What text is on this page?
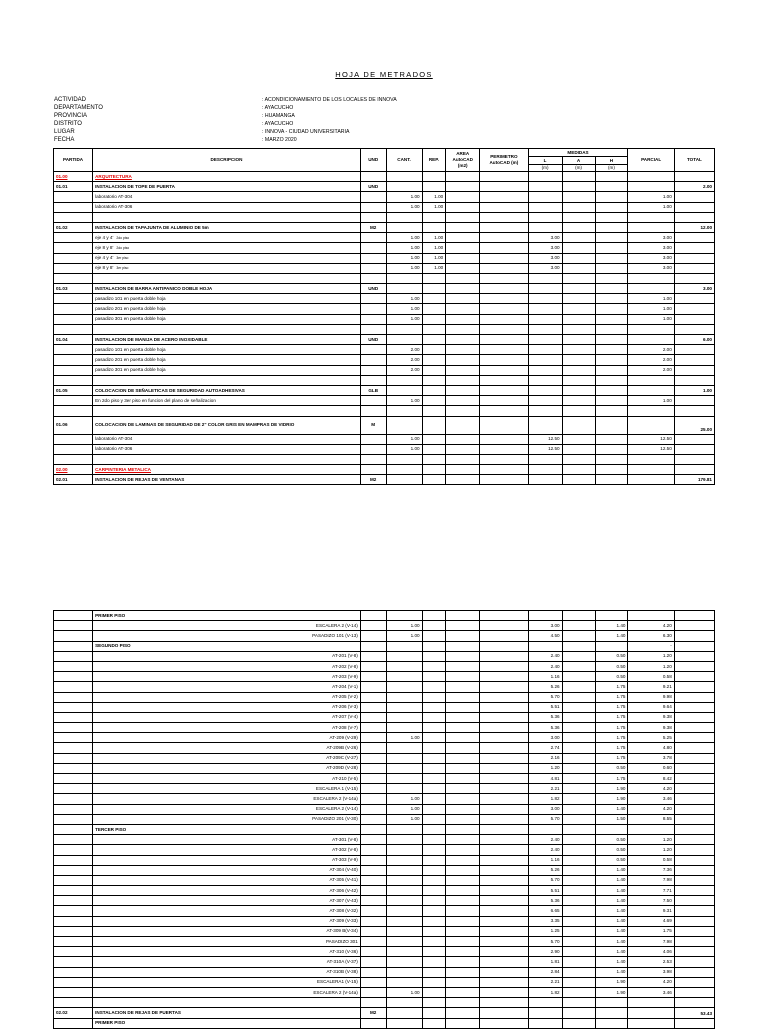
HOJA DE METRADOS
ACTIVIDAD	: ACONDICIONAMIENTO DE LOS LOCALES DE INNOVA
DEPARTAMENTO	: AYACUCHO
PROVINCIA	: HUAMANGA
DISTRITO	: AYACUCHO
LUGAR	: INNOVA - CIUDAD UNIVERSITARIA
FECHA	: MARZO 2020
PARTIDA	DESCRIPCION	UND	CANT.	REP.	AREA AutoCAD (m2)	PERIMETRO AutoCAD (m)	MEDIDAS			PARCIAL	TOTAL
							L	A	H		
							(m)	(m)	(m)		
01.00	ARQUITECTURA										
01.01	INSTALACION DE TOPE DE PUERTA	UND									2.00
	laboratorio AT-304		1.00	1.00						1.00	
	laboratorio AT-306		1.00	1.00						1.00	

01.02	INSTALACION DE TAPAJUNTA DE ALUMINIO DE 5m	M2									12.00
	eje 4 y 4' 2do piso		1.00	1.00			3.00			3.00	
	eje 8 y 8' 2do piso		1.00	1.00			3.00			3.00	
	eje 4 y 4' 3er piso		1.00	1.00			3.00			3.00	
	eje 8 y 8' 3er piso		1.00	1.00			3.00			3.00	

01.03	INSTALACION DE BARRA ANTIPANICO DOBLE HOJA	UND									3.00
	pasadizo 101 en puerta doble hoja		1.00							1.00	
	pasadizo 201 en puerta doble hoja		1.00							1.00	
	pasadizo 301 en puerta doble hoja		1.00							1.00	

01.04	INSTALACION DE MANIJA DE ACERO INOXIDABLE	UND									6.00
	pasadizo 101 en puerta doble hoja		2.00							2.00	
	pasadizo 201 en puerta doble hoja		2.00							2.00	
	pasadizo 301 en puerta doble hoja		2.00							2.00	

01.05	COLOCACION DE SEÑALETICAS DE SEGURIDAD AUTOADHESIVAS	GLB									1.00
	En 2do piso y 3er piso en funcion del plano de señalizacion		1.00							1.00	

01.06	COLOCACION DE LAMINAS DE SEGURIDAD DE 2" COLOR GRIS EN MAMPRAS DE VIDRIO	M									25.00
	laboratorio AT-304		1.00				12.50			12.50	
	laboratorio AT-306		1.00				12.50			12.50	

02.00	CARPINTERIA METALICA										
02.01	INSTALACION DE REJAS DE VENTANAS	M2									179.81
	PRIMER PISO										
	ESCALERA 2 (V-14)		1.00				3.00		1.40	4.20	
	PASADIZO 101 (V-13)		1.00				4.50		1.40	6.30	
	SEGUNDO PISO									-	
	AT-201 (V-8)						2.40		0.50	1.20	
	AT-202 (V-8)						2.40		0.50	1.20	
	AT-203 (V-9)						1.16		0.50	0.58	
	AT-204 (V-1)						5.26		1.75	9.21	
	AT-205 (V-2)						5.70		1.75	9.98	
	AT-206 (V-3)						5.51		1.75	9.64	
	AT-207 (V-4)						5.36		1.75	9.38	
	AT-208 (V-7)						5.36		1.75	9.38	
	AT-209 (V-29)		1.00				3.00		1.75	5.25	
	AT-209B (V-26)						2.74		1.75	4.80	
	AT-209C (V-27)						2.16		1.75	3.78	
	AT-209D (V-28)						1.20		0.50	0.60	
	AT-210 (V-5)						4.81		1.75	8.42	
	ESCALERA 1 (V-15)						2.21		1.90	4.20	
	ESCALERA 2 (V-14a)		1.00				1.82		1.90	3.46	
	ESCALERA 2 (V-14)		1.00				3.00		1.40	4.20	
	PASADIZO 201 (V-30)		1.00				5.70		1.50	8.55	
	TERCER PISO										
	AT-301 (V-8)						2.40		0.50	1.20	
	AT-302 (V-8)						2.40		0.50	1.20	
	AT-303 (V-9)						1.16		0.50	0.58	
	AT-304 (V-40)						5.26		1.40	7.36	
	AT-305 (V-41)						5.70		1.40	7.98	
	AT-306 (V-42)						5.51		1.40	7.71	
	AT-307 (V-43)						5.36		1.40	7.50	
	AT-308 (V-32)						6.65		1.40	9.31	
	AT-309 (V-33)						3.35		1.40	4.69	
	AT-309 B(V-34)						1.25		1.40	1.75	
	PASADIZO 301						5.70		1.40	7.98	
	AT-310 (V-36)						2.90		1.40	4.06	
	AT-310A (V-37)						1.81		1.40	2.53	
	AT-310B (V-38)						2.84		1.40	3.98	
	ESCALERA1 (V-15)						2.21		1.90	4.20	
	ESCALERA 2 (V-14a)		1.00				1.82		1.90	3.46	

02.02	INSTALACION DE REJAS DE PUERTAS	M2									53.43
	PRIMER PISO										
